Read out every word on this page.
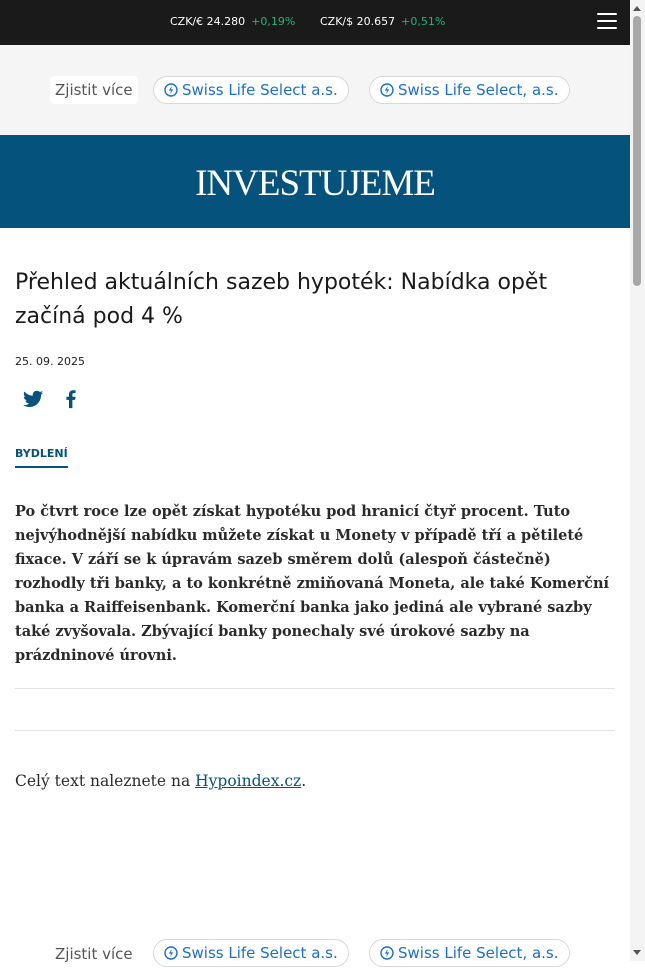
CZK/€ 24.280 +0,19% CZK/$ 20.657 +0,51%
Zjistit více	Swiss Life Select a.s.	Swiss Life Select, a.s.
INVESTUJEME
Přehled aktuálních sazeb hypoték: Nabídka opět začíná pod 4 %
25. 09. 2025
BYDLENÍ

Po čtvrt roce lze opět získat hypotéku pod hranicí čtyř procent. Tuto nejvýhodnější nabídku můžete získat u Monety v případě tří a pětileté fixace. V září se k úpravám sazeb směrem dolů (alespoň částečně) rozhodly tři banky, a to konkrétně zmiňovaná Moneta, ale také Komerční banka a Raiffeisenbank. Komerční banka jako jediná ale vybrané sazby také zvyšovala. Zbývající banky ponechaly své úrokové sazby na prázdninové úrovni.

Celý text naleznete na Hypoindex.cz.
Zjistit více	Swiss Life Select a.s.	Swiss Life Select, a.s.
